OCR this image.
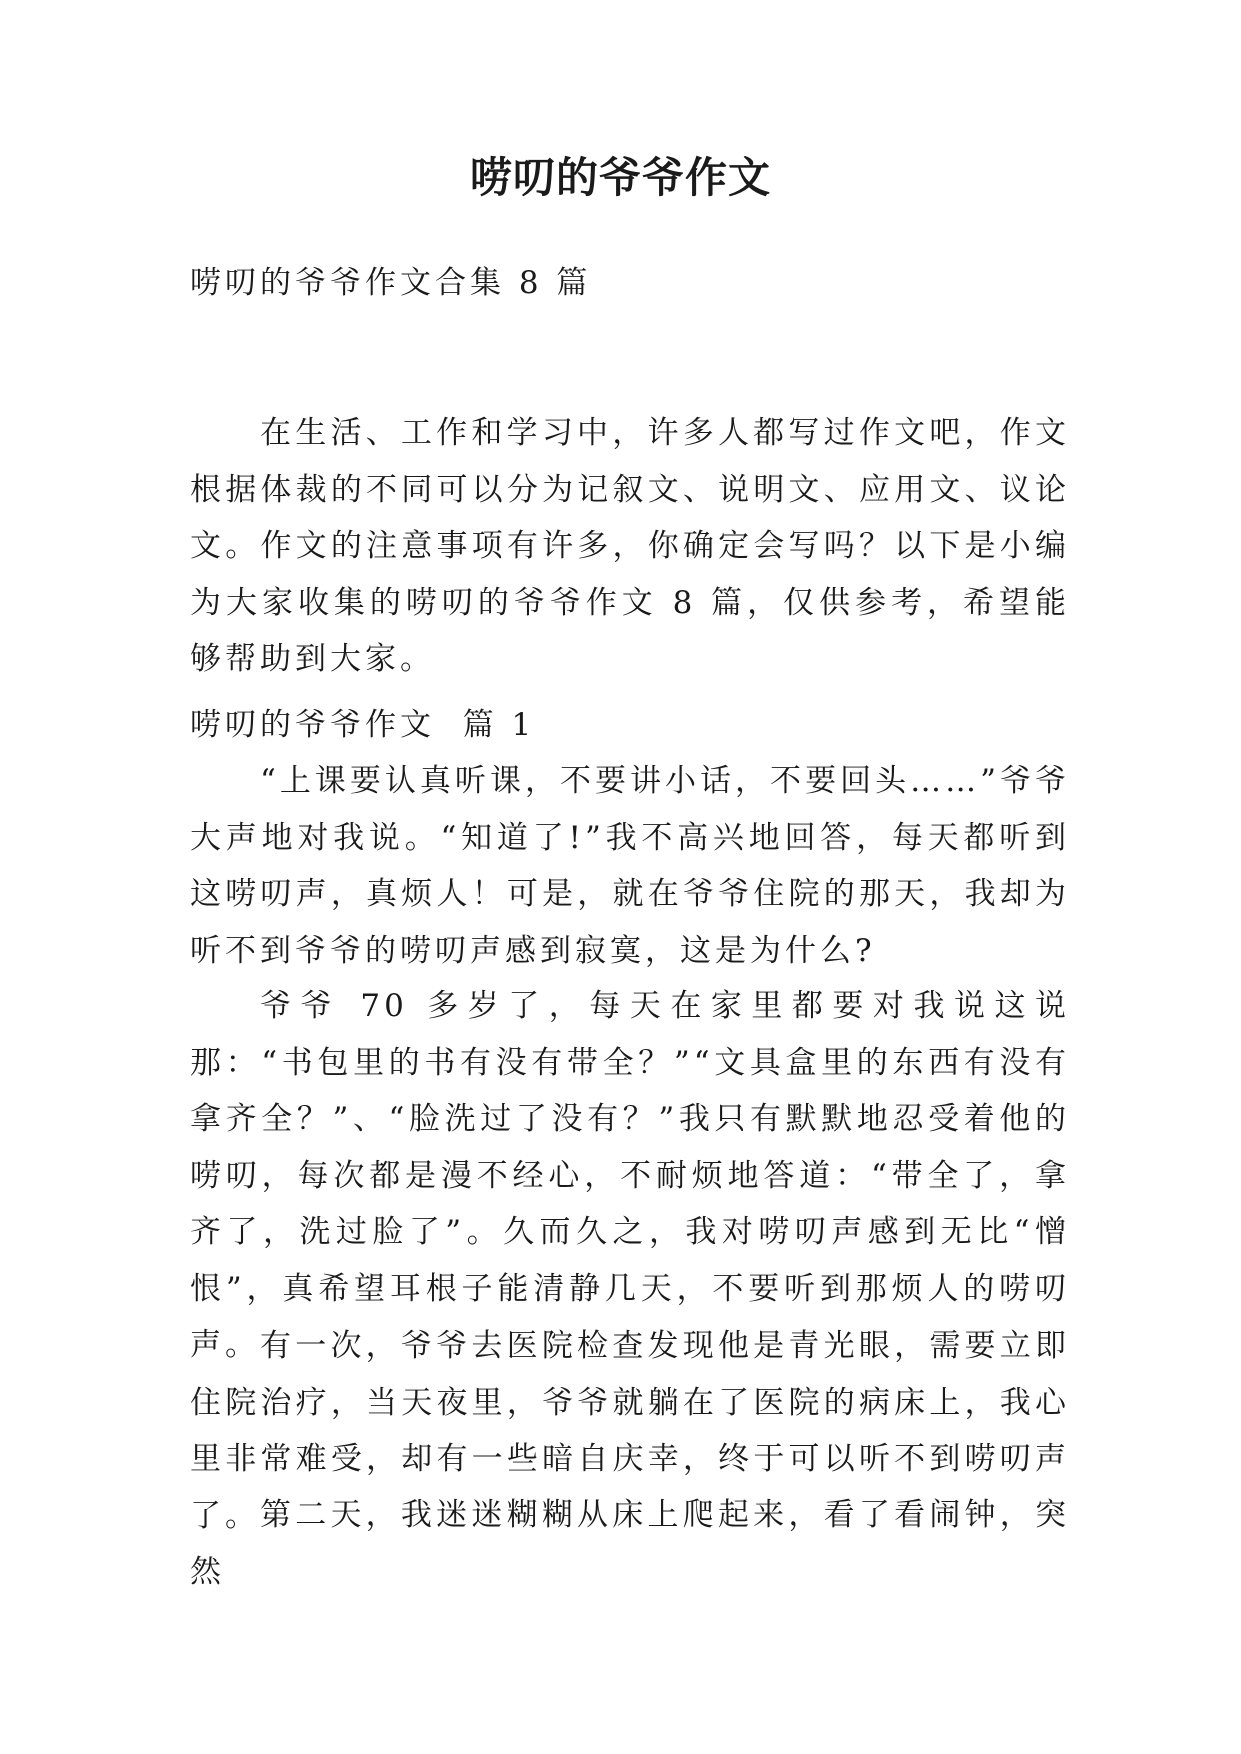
唠叨的爷爷作文

唠叨的爷爷作文合集 8 篇

在生活、工作和学习中，许多人都写过作文吧，作文根据体裁的不同可以分为记叙文、说明文、应用文、议论文。作文的注意事项有许多，你确定会写吗？以下是小编为大家收集的唠叨的爷爷作文 8 篇，仅供参考，希望能够帮助到大家。

唠叨的爷爷作文  篇 1

“上课要认真听课，不要讲小话，不要回头……”爷爷大声地对我说。“知道了!”我不高兴地回答，每天都听到这唠叨声，真烦人！可是，就在爷爷住院的那天，我却为听不到爷爷的唠叨声感到寂寞，这是为什么?

爷爷 70 多岁了，每天在家里都要对我说这说那：“书包里的书有没有带全？”“文具盒里的东西有没有拿齐全？”、“脸洗过了没有？”我只有默默地忍受着他的唠叨，每次都是漫不经心，不耐烦地答道：“带全了，拿齐了，洗过脸了”。久而久之，我对唠叨声感到无比“憎恨”，真希望耳根子能清静几天，不要听到那烦人的唠叨声。 有一次，爷爷去医院检查发现他是青光眼，需要立即住院治疗，当天夜里，爷爷就躺在了医院的病床上，我心里非常难受，却有一些暗自庆幸，终于可以听不到唠叨声了。 第二天，我迷迷糊糊从床上爬起来，看了看闹钟，突然
